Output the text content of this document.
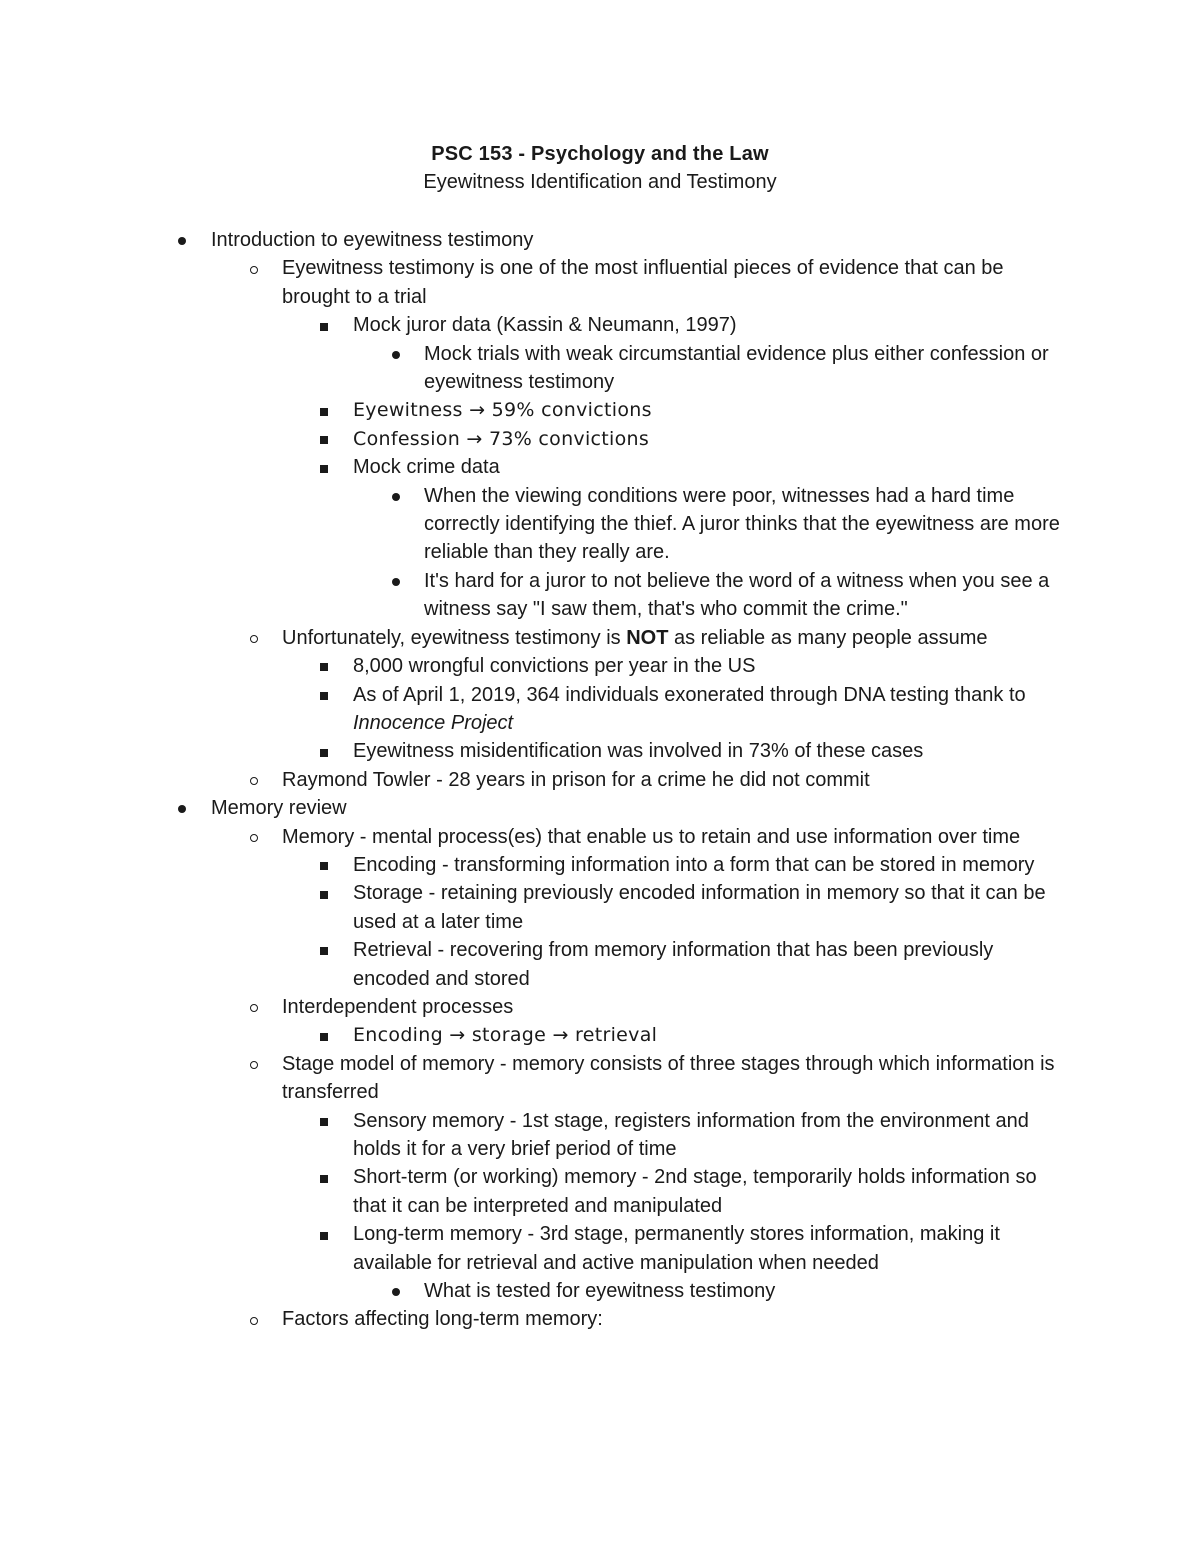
PSC 153 - Psychology and the Law
Eyewitness Identification and Testimony
Introduction to eyewitness testimony
Eyewitness testimony is one of the most influential pieces of evidence that can be brought to a trial
Mock juror data (Kassin & Neumann, 1997)
Mock trials with weak circumstantial evidence plus either confession or eyewitness testimony
Eyewitness → 59% convictions
Confession → 73% convictions
Mock crime data
When the viewing conditions were poor, witnesses had a hard time correctly identifying the thief. A juror thinks that the eyewitness are more reliable than they really are.
It's hard for a juror to not believe the word of a witness when you see a witness say "I saw them, that's who commit the crime."
Unfortunately, eyewitness testimony is NOT as reliable as many people assume
8,000 wrongful convictions per year in the US
As of April 1, 2019, 364 individuals exonerated through DNA testing thank to Innocence Project
Eyewitness misidentification was involved in 73% of these cases
Raymond Towler - 28 years in prison for a crime he did not commit
Memory review
Memory - mental process(es) that enable us to retain and use information over time
Encoding - transforming information into a form that can be stored in memory
Storage - retaining previously encoded information in memory so that it can be used at a later time
Retrieval - recovering from memory information that has been previously encoded and stored
Interdependent processes
Encoding → storage → retrieval
Stage model of memory - memory consists of three stages through which information is transferred
Sensory memory - 1st stage, registers information from the environment and holds it for a very brief period of time
Short-term (or working) memory - 2nd stage, temporarily holds information so that it can be interpreted and manipulated
Long-term memory - 3rd stage, permanently stores information, making it available for retrieval and active manipulation when needed
What is tested for eyewitness testimony
Factors affecting long-term memory:
